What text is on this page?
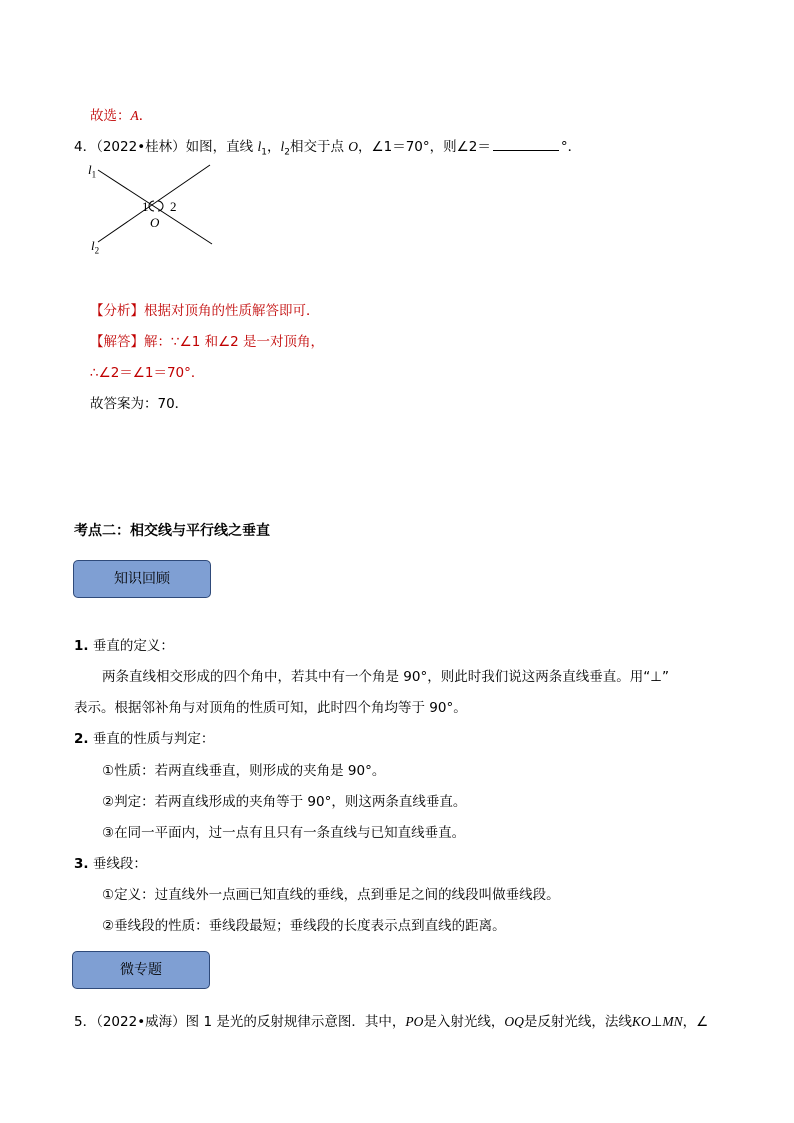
故选：A．
4．（2022•桂林）如图，直线 $l_1$，$l_2$相交于点 O，∠1＝70°，则∠2＝	°．
$l_1$
$l_2$
1 2
O
【分析】根据对顶角的性质解答即可．
【解答】解：∵∠1 和∠2 是一对顶角，
∴∠2＝∠1＝70°．
故答案为：70．
考点二：相交线与平行线之垂直
知识回顾
1. 垂直的定义：
两条直线相交形成的四个角中，若其中有一个角是 90°，则此时我们说这两条直线垂直。用“⊥”
表示。根据邻补角与对顶角的性质可知，此时四个角均等于 90°。
2. 垂直的性质与判定：
①性质：若两直线垂直，则形成的夹角是 90°。
②判定：若两直线形成的夹角等于 90°，则这两条直线垂直。
③在同一平面内，过一点有且只有一条直线与已知直线垂直。
3. 垂线段：
①定义：过直线外一点画已知直线的垂线，点到垂足之间的线段叫做垂线段。
②垂线段的性质：垂线段最短；垂线段的长度表示点到直线的距离。
微专题
5．（2022•威海）图 1 是光的反射规律示意图．其中，PO是入射光线，OQ是反射光线，法线KO⊥MN，∠
